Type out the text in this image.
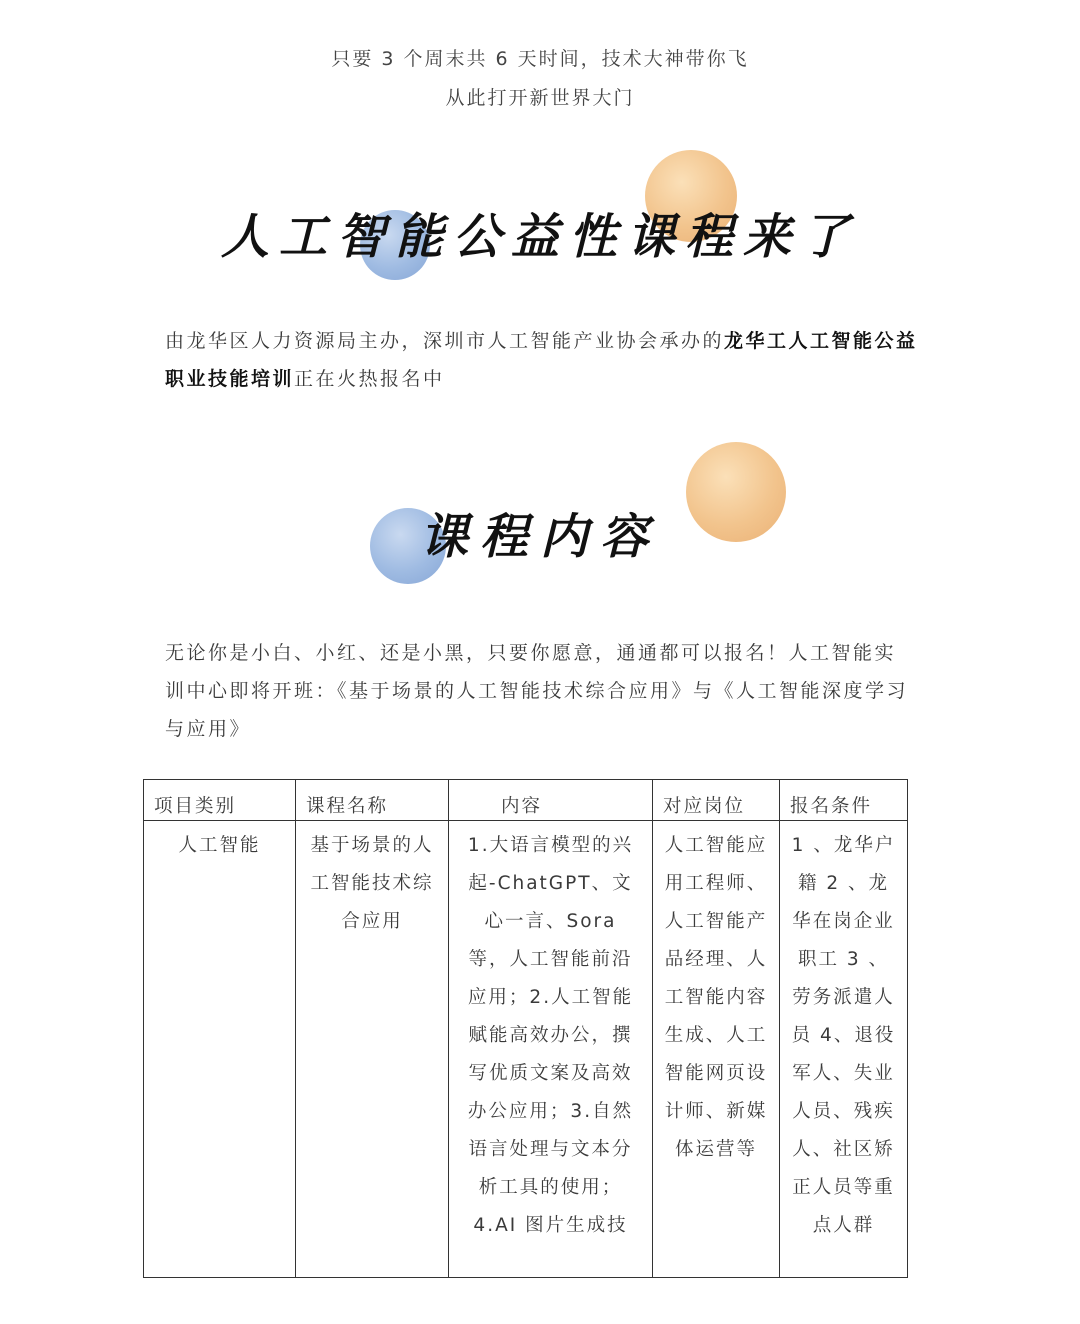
只要 3 个周末共 6 天时间，技术大神带你飞
从此打开新世界大门
人工智能公益性课程来了
由龙华区人力资源局主办，深圳市人工智能产业协会承办的龙华工人工智能公益职业技能培训正在火热报名中
课程内容
无论你是小白、小红、还是小黑，只要你愿意，通通都可以报名！人工智能实训中心即将开班：《基于场景的人工智能技术综合应用》与《人工智能深度学习与应用》
项目类别	课程名称	内容	对应岗位	报名条件
人工智能	基于场景的人工智能技术综合应用	1.大语言模型的兴起-ChatGPT、文心一言、Sora 等，人工智能前沿应用；2.人工智能赋能高效办公，撰写优质文案及高效办公应用；3.自然语言处理与文本分析工具的使用；4.AI 图片生成技	人工智能应用工程师、人工智能产品经理、人工智能内容生成、人工智能网页设计师、新媒体运营等	1 、龙华户籍 2 、龙华在岗企业职工 3 、劳务派遣人员 4、退役军人、失业人员、残疾人、社区矫正人员等重点人群
